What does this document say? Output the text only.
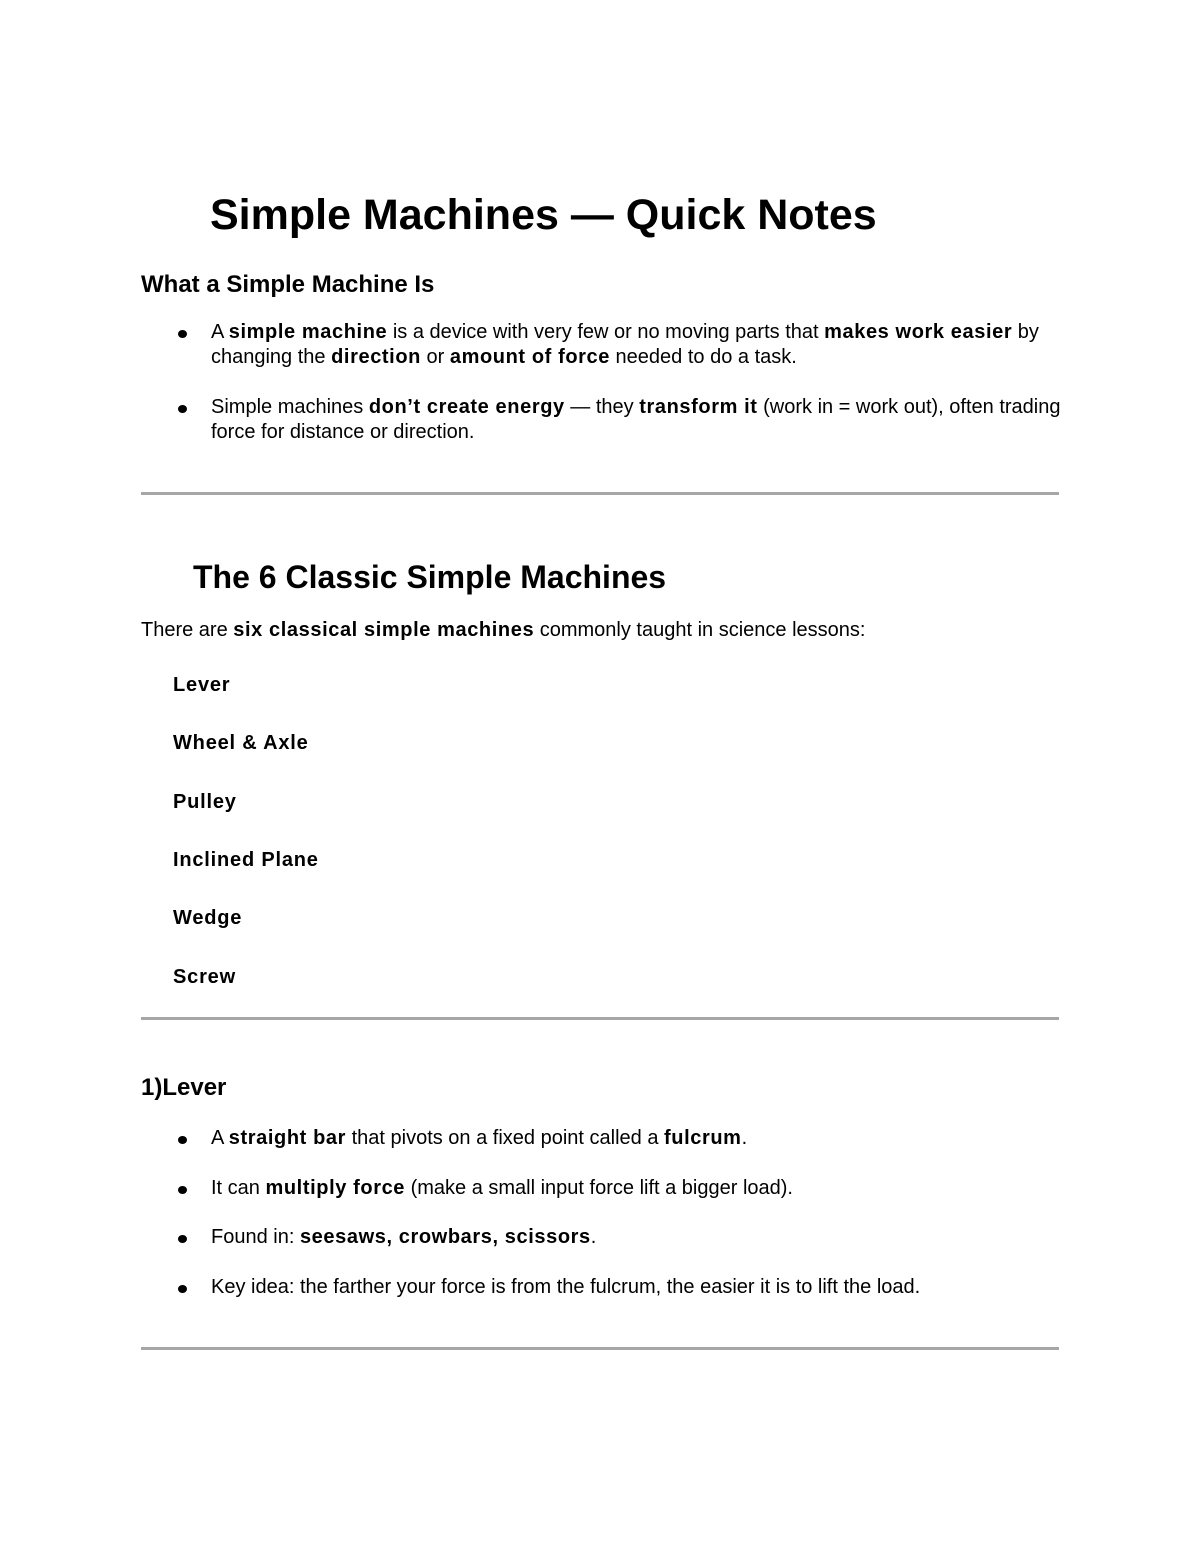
Simple Machines — Quick Notes
What a Simple Machine Is
A simple machine is a device with very few or no moving parts that makes work easier by changing the direction or amount of force needed to do a task.
Simple machines don’t create energy — they transform it (work in = work out), often trading force for distance or direction.
The 6 Classic Simple Machines
There are six classical simple machines commonly taught in science lessons:
Lever
Wheel & Axle
Pulley
Inclined Plane
Wedge
Screw
1)Lever
A straight bar that pivots on a fixed point called a fulcrum.
It can multiply force (make a small input force lift a bigger load).
Found in: seesaws, crowbars, scissors.
Key idea: the farther your force is from the fulcrum, the easier it is to lift the load.
